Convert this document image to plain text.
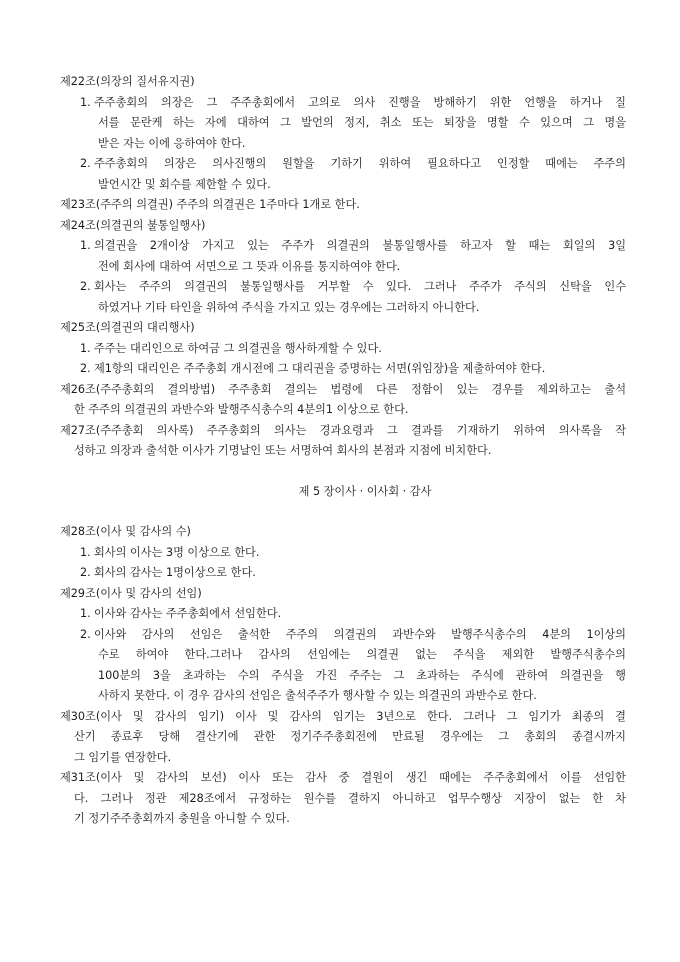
제22조(의장의 질서유지권)
1. 주주총회의 의장은 그 주주총회에서 고의로 의사 진행을 방해하기 위한 언행을 하거나 질
서를 문란케 하는 자에 대하여 그 발언의 정지, 취소 또는 퇴장을 명할 수 있으며 그 명을
받은 자는 이에 응하여야 한다.
2. 주주총회의 의장은 의사진행의 원할을 기하기 위하여 필요하다고 인정할 때에는 주주의
발언시간 및 회수를 제한할 수 있다.
제23조(주주의 의결권) 주주의 의결권은 1주마다 1개로 한다.
제24조(의결권의 불통일행사)
1. 의결권을 2개이상 가지고 있는 주주가 의결권의 불통일행사를 하고자 할 때는 회일의 3일
전에 회사에 대하여 서면으로 그 뜻과 이유를 통지하여야 한다.
2. 회사는 주주의 의결권의 불통일행사를 거부할 수 있다. 그러나 주주가 주식의 신탁을 인수
하였거나 기타 타인을 위하여 주식을 가지고 있는 경우에는 그러하지 아니한다.
제25조(의결권의 대리행사)
1. 주주는 대리인으로 하여금 그 의결권을 행사하게할 수 있다.
2. 제1항의 대리인은 주주총회 개시전에 그 대리권을 증명하는 서면(위임장)을 제출하여야 한다.
제26조(주주총회의 결의방법) 주주총회 결의는 법령에 다른 정함이 있는 경우를 제외하고는 출석
한 주주의 의결권의 과반수와 발행주식총수의 4분의1 이상으로 한다.
제27조(주주총회 의사록) 주주총회의 의사는 경과요령과 그 결과를 기재하기 위하여 의사록을 작
성하고 의장과 출석한 이사가 기명날인 또는 서명하여 회사의 본점과 지점에 비치한다.
제 5 장이사 · 이사회 · 감사
제28조(이사 및 감사의 수)
1. 회사의 이사는 3명 이상으로 한다.
2. 회사의 감사는 1명이상으로 한다.
제29조(이사 및 감사의 선임)
1. 이사와 감사는 주주총회에서 선임한다.
2. 이사와 감사의 선임은 출석한 주주의 의결권의 과반수와 발행주식총수의 4분의 1이상의
수로 하여야 한다.그러나 감사의 선임에는 의결권 없는 주식을 제외한 발행주식총수의
100분의 3을 초과하는 수의 주식을 가진 주주는 그 초과하는 주식에 관하여 의결권을 행
사하지 못한다. 이 경우 감사의 선임은 출석주주가 행사할 수 있는 의결권의 과반수로 한다.
제30조(이사 및 감사의 임기) 이사 및 감사의 임기는 3년으로 한다. 그러나 그 임기가 최종의 결
산기 종료후 당해 결산기에 관한 정기주주총회전에 만료될 경우에는 그 총회의 종결시까지
그 임기를 연장한다.
제31조(이사 및 감사의 보선) 이사 또는 감사 중 결원이 생긴 때에는 주주총회에서 이를 선임한
다. 그러나 정관 제28조에서 규정하는 원수를 결하지 아니하고 업무수행상 지장이 없는 한 차
기 정기주주총회까지 충원을 아니할 수 있다.
